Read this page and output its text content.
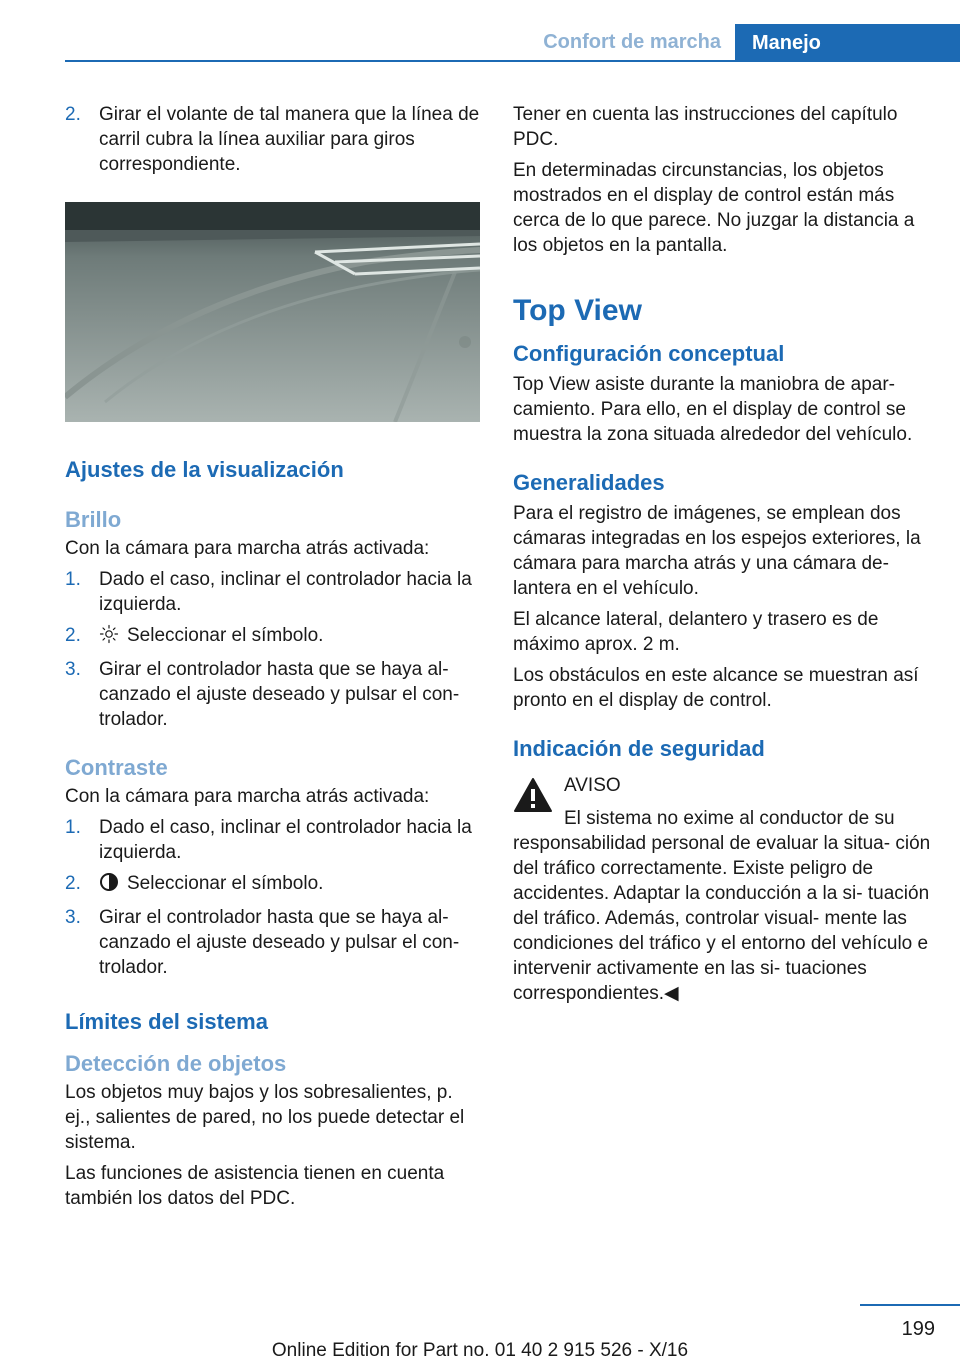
Confort de marcha	Manejo
2. Girar el volante de tal manera que la línea de carril cubra la línea auxiliar para giros correspondiente.
Ajustes de la visualización
Brillo

Con la cámara para marcha atrás activada:

1. Dado el caso, inclinar el controlador hacia la izquierda.
2. Seleccionar el símbolo.
3. Girar el controlador hasta que se haya al- canzado el ajuste deseado y pulsar el con- trolador.
Contraste

Con la cámara para marcha atrás activada:

1. Dado el caso, inclinar el controlador hacia la izquierda.
2. Seleccionar el símbolo.
3. Girar el controlador hasta que se haya al- canzado el ajuste deseado y pulsar el con- trolador.
Límites del sistema
Detección de objetos

Los objetos muy bajos y los sobresalientes, p. ej., salientes de pared, no los puede detectar el sistema.

Las funciones de asistencia tienen en cuenta también los datos del PDC.

Tener en cuenta las instrucciones del capítulo PDC.

En determinadas circunstancias, los objetos mostrados en el display de control están más cerca de lo que parece. No juzgar la distancia a los objetos en la pantalla.

Top View
Configuración conceptual

Top View asiste durante la maniobra de apar- camiento. Para ello, en el display de control se muestra la zona situada alrededor del vehículo.

Generalidades

Para el registro de imágenes, se emplean dos cámaras integradas en los espejos exteriores, la cámara para marcha atrás y una cámara de- lantera en el vehículo.

El alcance lateral, delantero y trasero es de máximo aprox. 2 m.

Los obstáculos en este alcance se muestran así pronto en el display de control.

Indicación de seguridad
AVISO
El sistema no exime al conductor de su
responsabilidad personal de evaluar la situa- ción del tráfico correctamente. Existe peligro de accidentes. Adaptar la conducción a la si- tuación del tráfico. Además, controlar visual- mente las condiciones del tráfico y el entorno del vehículo e intervenir activamente en las si- tuaciones correspondientes.◀
199
Online Edition for Part no. 01 40 2 915 526 - X/16
